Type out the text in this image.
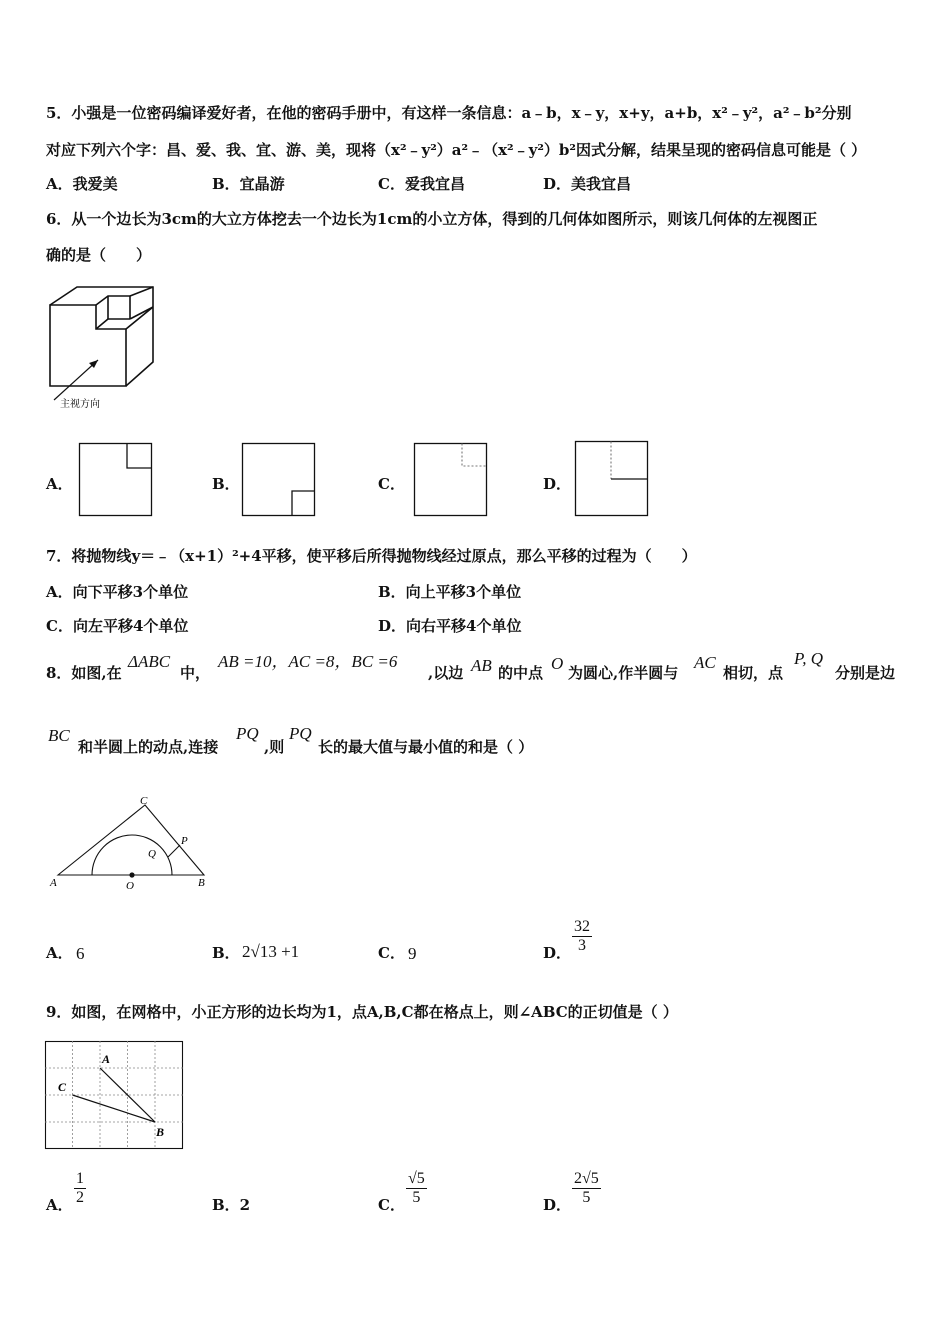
5．小强是一位密码编译爱好者，在他的密码手册中，有这样一条信息：a﹣b，x﹣y，x+y，a+b，x²﹣y²，a²﹣b²分别
对应下列六个字：昌、爱、我、宜、游、美，现将（x²﹣y²）a²﹣（x²﹣y²）b²因式分解，结果呈现的密码信息可能是（ ）
A．我爱美	B．宜晶游	C．爱我宜昌	D．美我宜昌
6．从一个边长为3cm的大立方体挖去一个边长为1cm的小立方体，得到的几何体如图所示，则该几何体的左视图正
确的是（　　）
主视方向
A．	B．	C．	D．
7．将抛物线y＝﹣（x+1）²+4平移，使平移后所得抛物线经过原点，那么平移的过程为（　　）
A．向下平移3个单位	B．向上平移3个单位
C．向左平移4个单位	D．向右平移4个单位
8．如图,在
ΔABC
中，
AB =10，AC =8，BC =6
,以边 AB 的中点 O 为圆心,作半圆与
AC
相切，点
P, Q
分别是边
BC
和半圆上的动点,连接
PQ
,则
PQ
长的最大值与最小值的和是（ ）
A	B
C
O
P
Q
A． 6	B． 2√13 +1	C． 9	D． $\frac{32}{3}$
9．如图，在网格中，小正方形的边长均为1，点A,B,C都在格点上，则∠ABC的正切值是（ ）
A
C
B
A． $\frac{1}{2}$	B．2	C． $\frac{√5}{5}$	D． $\frac{2√5}{5}$
